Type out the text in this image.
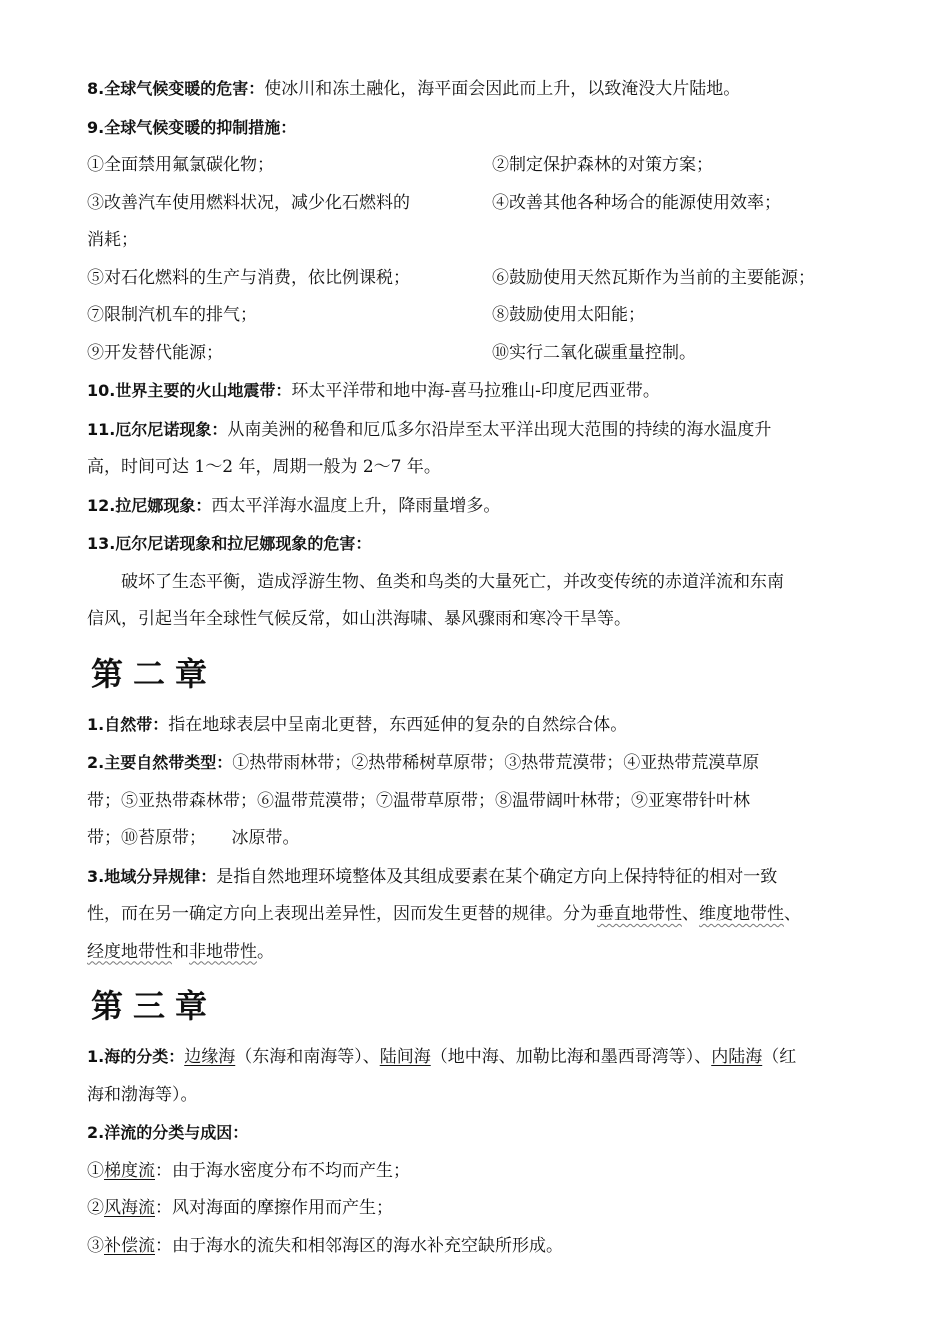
8.全球气候变暖的危害：使冰川和冻土融化，海平面会因此而上升，以致淹没大片陆地。
9.全球气候变暖的抑制措施：
①全面禁用氟氯碳化物；	②制定保护森林的对策方案；
③改善汽车使用燃料状况，减少化石燃料的	④改善其他各种场合的能源使用效率；
消耗；
⑤对石化燃料的生产与消费，依比例课税；	⑥鼓励使用天然瓦斯作为当前的主要能源；
⑦限制汽机车的排气；	⑧鼓励使用太阳能；
⑨开发替代能源；	⑩实行二氧化碳重量控制。
10.世界主要的火山地震带：环太平洋带和地中海-喜马拉雅山-印度尼西亚带。
11.厄尔尼诺现象：从南美洲的秘鲁和厄瓜多尔沿岸至太平洋出现大范围的持续的海水温度升
高，时间可达 1～2 年，周期一般为 2～7 年。
12.拉尼娜现象：西太平洋海水温度上升，降雨量增多。
13.厄尔尼诺现象和拉尼娜现象的危害：
破坏了生态平衡，造成浮游生物、鱼类和鸟类的大量死亡，并改变传统的赤道洋流和东南
信风，引起当年全球性气候反常，如山洪海啸、暴风骤雨和寒冷干旱等。
第二章
1.自然带：指在地球表层中呈南北更替，东西延伸的复杂的自然综合体。
2.主要自然带类型：①热带雨林带；②热带稀树草原带；③热带荒漠带；④亚热带荒漠草原
带；⑤亚热带森林带；⑥温带荒漠带；⑦温带草原带；⑧温带阔叶林带；⑨亚寒带针叶林
带；⑩苔原带；　　冰原带。
3.地域分异规律：是指自然地理环境整体及其组成要素在某个确定方向上保持特征的相对一致
性，而在另一确定方向上表现出差异性，因而发生更替的规律。分为垂直地带性、维度地带性、
经度地带性和非地带性。
第三章
1.海的分类：边缘海（东海和南海等）、陆间海（地中海、加勒比海和墨西哥湾等）、内陆海（红
海和渤海等）。
2.洋流的分类与成因：
①梯度流：由于海水密度分布不均而产生；
②风海流：风对海面的摩擦作用而产生；
③补偿流：由于海水的流失和相邻海区的海水补充空缺所形成。
